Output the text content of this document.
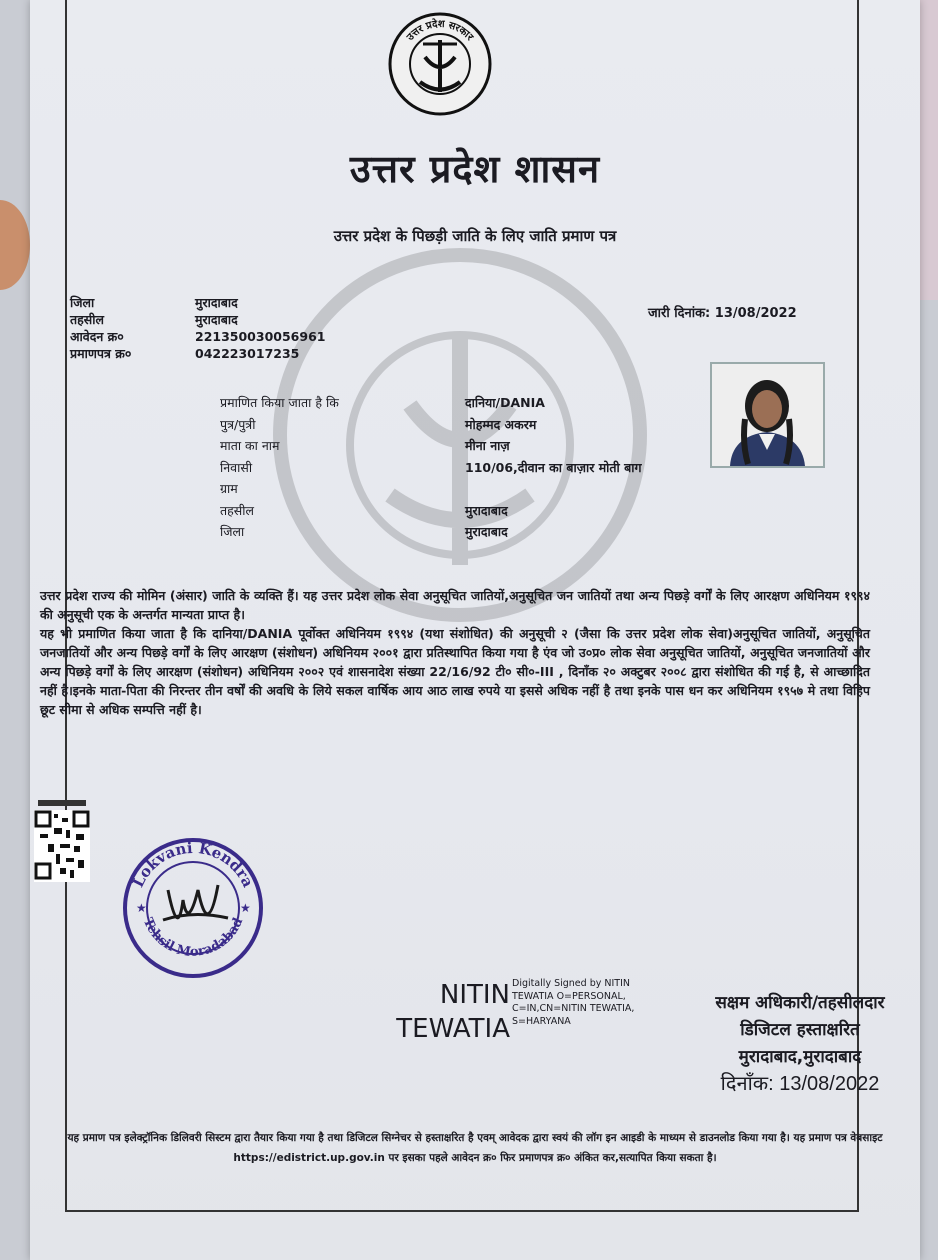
उत्तर प्रदेश सरकार
उत्तर प्रदेश शासन
उत्तर प्रदेश के पिछड़ी जाति के लिए जाति प्रमाण पत्र
जिला	मुरादाबाद
तहसील	मुरादाबाद
आवेदन क्र०	221350030056961
प्रमाणपत्र क्र०	042223017235
जारी दिनांक: 13/08/2022
प्रमाणित किया जाता है कि	दानिया/DANIA
पुत्र/पुत्री	मोहम्मद अकरम
माता का नाम	मीना नाज़
निवासी	110/06,दीवान का बाज़ार मोती बाग
ग्राम
तहसील	मुरादाबाद
जिला	मुरादाबाद
उत्तर प्रदेश राज्य की मोमिन (अंसार) जाति के व्यक्ति हैं। यह उत्तर प्रदेश लोक सेवा अनुसूचित जातियों,अनुसूचित जन जातियों तथा अन्य पिछड़े वर्गों के लिए आरक्षण अधिनियम १९९४ की अनुसूची एक के अन्तर्गत मान्यता प्राप्त है।
यह भी प्रमाणित किया जाता है कि दानिया/DANIA पूर्वोक्त अधिनियम १९९४ (यथा संशोधित) की अनुसूची २ (जैसा कि उत्तर प्रदेश लोक सेवा)अनुसूचित जातियों, अनुसूचित जनजातियों और अन्य पिछड़े वर्गों के लिए आरक्षण (संशोधन) अधिनियम २००१ द्वारा प्रतिस्थापित किया गया है एंव जो उ०प्र० लोक सेवा अनुसूचित जातियों, अनुसूचित जनजातियों और अन्य पिछड़े वर्गों के लिए आरक्षण (संशोधन) अधिनियम २००२ एवं शासनादेश संख्या 22/16/92 टी० सी०-III , दिनाँक २० अक्टुबर २००८ द्वारा संशोधित की गई है, से आच्छादित नहीं है।इनके माता-पिता की निरन्तर तीन वर्षों की अवधि के लिये सकल वार्षिक आय आठ लाख रुपये या इससे अधिक नहीं है तथा इनके पास धन कर अधिनियम १९५७ मे तथा विहिप छूट सीमा से अधिक सम्पत्ति नहीं है।
Lokvani Kendra
Tehsil Moradabad
★	★
NITIN
TEWATIA
Digitally Signed by NITIN TEWATIA O=PERSONAL, C=IN,CN=NITIN TEWATIA, S=HARYANA
सक्षम अधिकारी/तहसीलदार
डिजिटल हस्ताक्षरित
मुरादाबाद,मुरादाबाद
दिनाँक: 13/08/2022
यह प्रमाण पत्र इलेक्ट्रॉनिक डिलिवरी सिस्टम द्वारा तैयार किया गया है तथा डिजिटल सिग्नेचर से हस्ताक्षरित है एवम् आवेदक द्वारा स्वयं की लॉग इन आइडी के माध्यम से डाउनलोड किया गया है। यह प्रमाण पत्र वेबसाइट https://edistrict.up.gov.in पर इसका पहले आवेदन क्र० फिर प्रमाणपत्र क्र० अंकित कर,सत्यापित किया सकता है।
